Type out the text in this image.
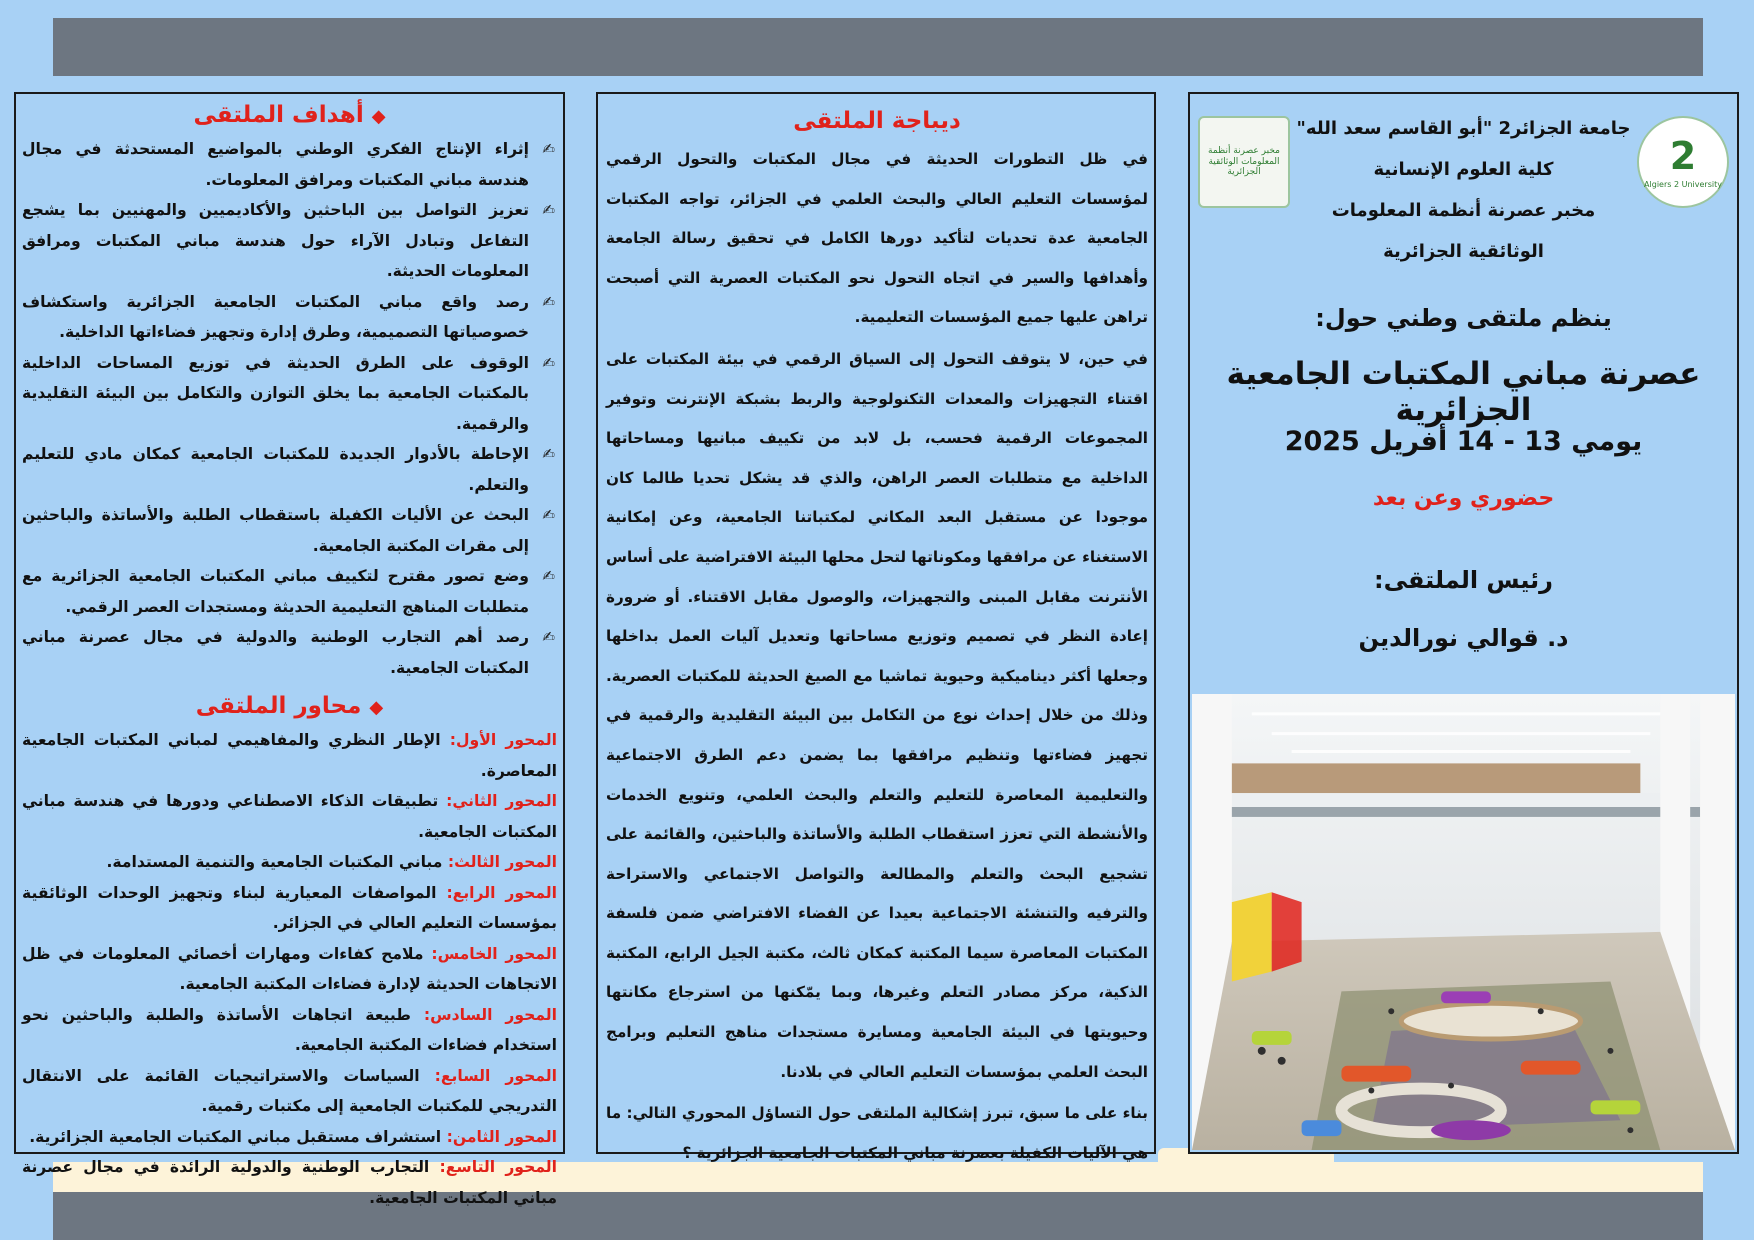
2
Algiers 2 University
مخبر عصرنة أنظمة المعلومات الوثائقية الجزائرية
جامعة الجزائر2 "أبو القاسم سعد الله"
كلية العلوم الإنسانية
مخبر عصرنة أنظمة المعلومات
الوثائقية الجزائرية
ينظم ملتقى وطني حول:
عصرنة مباني المكتبات الجامعية الجزائرية
يومي 13 - 14 أفريل 2025
حضوري وعن بعد
رئيس الملتقى:
د. قوالي نورالدين
ديباجة الملتقى

في ظل التطورات الحديثة في مجال المكتبات والتحول الرقمي لمؤسسات التعليم العالي والبحث العلمي في الجزائر، تواجه المكتبات الجامعية عدة تحديات لتأكيد دورها الكامل في تحقيق رسالة الجامعة وأهدافها والسير في اتجاه التحول نحو المكتبات العصرية التي أصبحت تراهن عليها جميع المؤسسات التعليمية.

في حين، لا يتوقف التحول إلى السياق الرقمي في بيئة المكتبات على اقتناء التجهيزات والمعدات التكنولوجية والربط بشبكة الإنترنت وتوفير المجموعات الرقمية فحسب، بل لابد من تكييف مبانيها ومساحاتها الداخلية مع متطلبات العصر الراهن، والذي قد يشكل تحديا طالما كان موجودا عن مستقبل البعد المكاني لمكتباتنا الجامعية، وعن إمكانية الاستغناء عن مرافقها ومكوناتها لتحل محلها البيئة الافتراضية على أساس الأنترنت مقابل المبنى والتجهيزات، والوصول مقابل الاقتناء. أو ضرورة إعادة النظر في تصميم وتوزيع مساحاتها وتعديل آليات العمل بداخلها وجعلها أكثر ديناميكية وحيوية تماشيا مع الصيغ الحديثة للمكتبات العصرية. وذلك من خلال إحداث نوع من التكامل بين البيئة التقليدية والرقمية في تجهيز فضاءتها وتنظيم مرافقها بما يضمن دعم الطرق الاجتماعية والتعليمية المعاصرة للتعليم والتعلم والبحث العلمي، وتنويع الخدمات والأنشطة التي تعزز استقطاب الطلبة والأساتذة والباحثين، والقائمة على تشجيع البحث والتعلم والمطالعة والتواصل الاجتماعي والاستراحة والترفيه والتنشئة الاجتماعية بعيدا عن الفضاء الافتراضي ضمن فلسفة المكتبات المعاصرة سيما المكتبة كمكان ثالث، مكتبة الجيل الرابع، المكتبة الذكية، مركز مصادر التعلم وغيرها، وبما يمّكنها من استرجاع مكانتها وحيويتها في البيئة الجامعية ومسايرة مستجدات مناهج التعليم وبرامج البحث العلمي بمؤسسات التعليم العالي في بلادنا.

بناء على ما سبق، تبرز إشكالية الملتقى حول التساؤل المحوري التالي: ما هي الآليات الكفيلة بعصرنة مباني المكتبات الجامعية الجزائرية ؟

◆أهداف الملتقى
✍
إثراء الإنتاج الفكري الوطني بالمواضيع المستحدثة في مجال هندسة مباني المكتبات ومرافق المعلومات.
✍
تعزيز التواصل بين الباحثين والأكاديميين والمهنيين بما يشجع التفاعل وتبادل الآراء حول هندسة مباني المكتبات ومرافق المعلومات الحديثة.
✍
رصد واقع مباني المكتبات الجامعية الجزائرية واستكشاف خصوصياتها التصميمية، وطرق إدارة وتجهيز فضاءاتها الداخلية.
✍
الوقوف على الطرق الحديثة في توزيع المساحات الداخلية بالمكتبات الجامعية بما يخلق التوازن والتكامل بين البيئة التقليدية والرقمية.
✍
الإحاطة بالأدوار الجديدة للمكتبات الجامعية كمكان مادي للتعليم والتعلم.
✍
البحث عن الأليات الكفيلة باستقطاب الطلبة والأساتذة والباحثين إلى مقرات المكتبة الجامعية.
✍
وضع تصور مقترح لتكييف مباني المكتبات الجامعية الجزائرية مع متطلبات المناهج التعليمية الحديثة ومستجدات العصر الرقمي.
✍
رصد أهم التجارب الوطنية والدولية في مجال عصرنة مباني المكتبات الجامعية.
◆محاور الملتقى
المحور الأول: الإطار النظري والمفاهيمي لمباني المكتبات الجامعية المعاصرة.
المحور الثاني: تطبيقات الذكاء الاصطناعي ودورها في هندسة مباني المكتبات الجامعية.
المحور الثالث: مباني المكتبات الجامعية والتنمية المستدامة.
المحور الرابع: المواصفات المعيارية لبناء وتجهيز الوحدات الوثائقية بمؤسسات التعليم العالي في الجزائر.
المحور الخامس: ملامح كفاءات ومهارات أخصائي المعلومات في ظل الاتجاهات الحديثة لإدارة فضاءات المكتبة الجامعية.
المحور السادس: طبيعة اتجاهات الأساتذة والطلبة والباحثين نحو استخدام فضاءات المكتبة الجامعية.
المحور السابع: السياسات والاستراتيجيات القائمة على الانتقال التدريجي للمكتبات الجامعية إلى مكتبات رقمية.
المحور الثامن: استشراف مستقبل مباني المكتبات الجامعية الجزائرية.
المحور التاسع: التجارب الوطنية والدولية الرائدة في مجال عصرنة مباني المكتبات الجامعية.
